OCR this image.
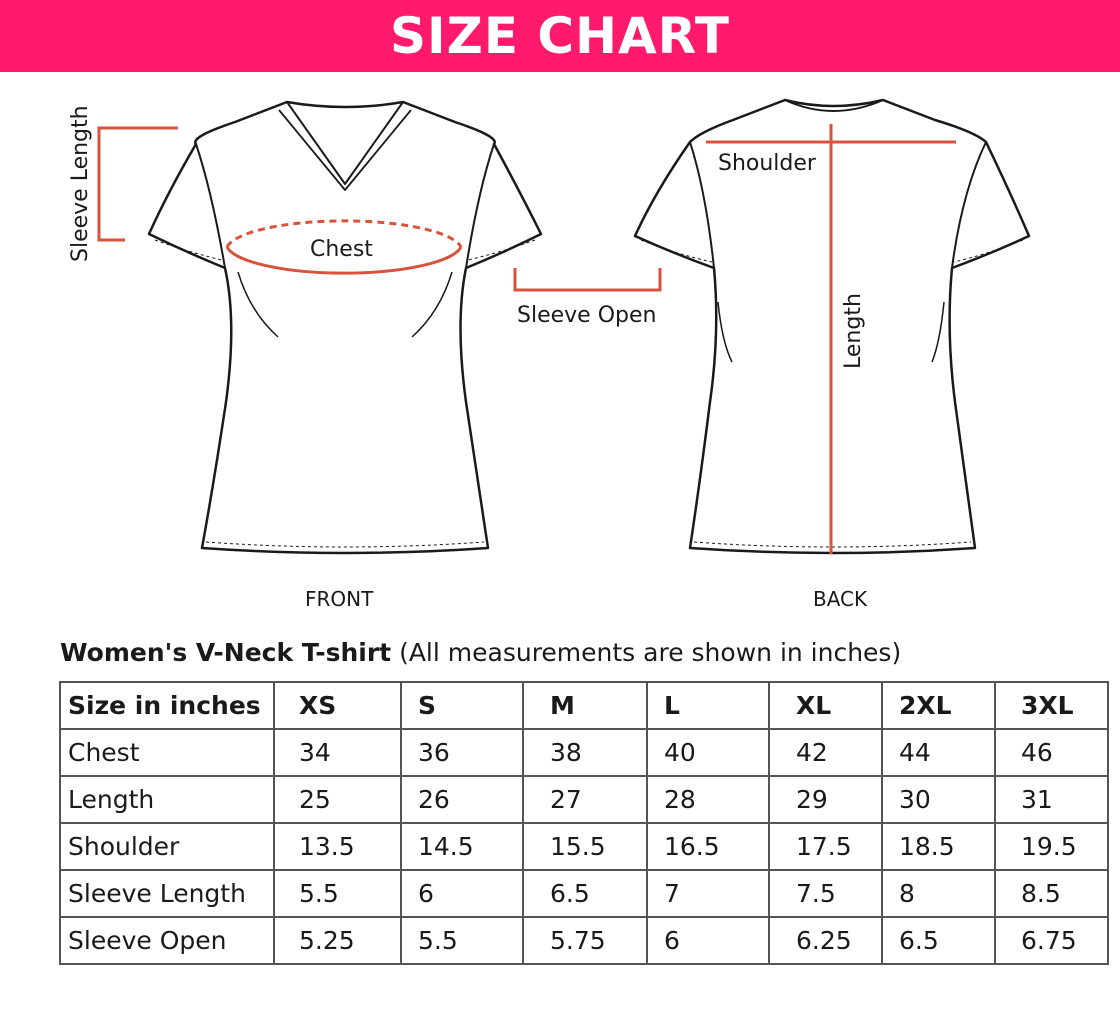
SIZE CHART
Sleeve Length	Chest
Sleeve Open
Shoulder
Length
FRONT	BACK
Women's V-Neck T-shirt (All measurements are shown in inches)
Size in inches	XS	S	M	L	XL	2XL	3XL
Chest	34	36	38	40	42	44	46
Length	25	26	27	28	29	30	31
Shoulder	13.5	14.5	15.5	16.5	17.5	18.5	19.5
Sleeve Length	5.5	6	6.5	7	7.5	8	8.5
Sleeve Open	5.25	5.5	5.75	6	6.25	6.5	6.75
